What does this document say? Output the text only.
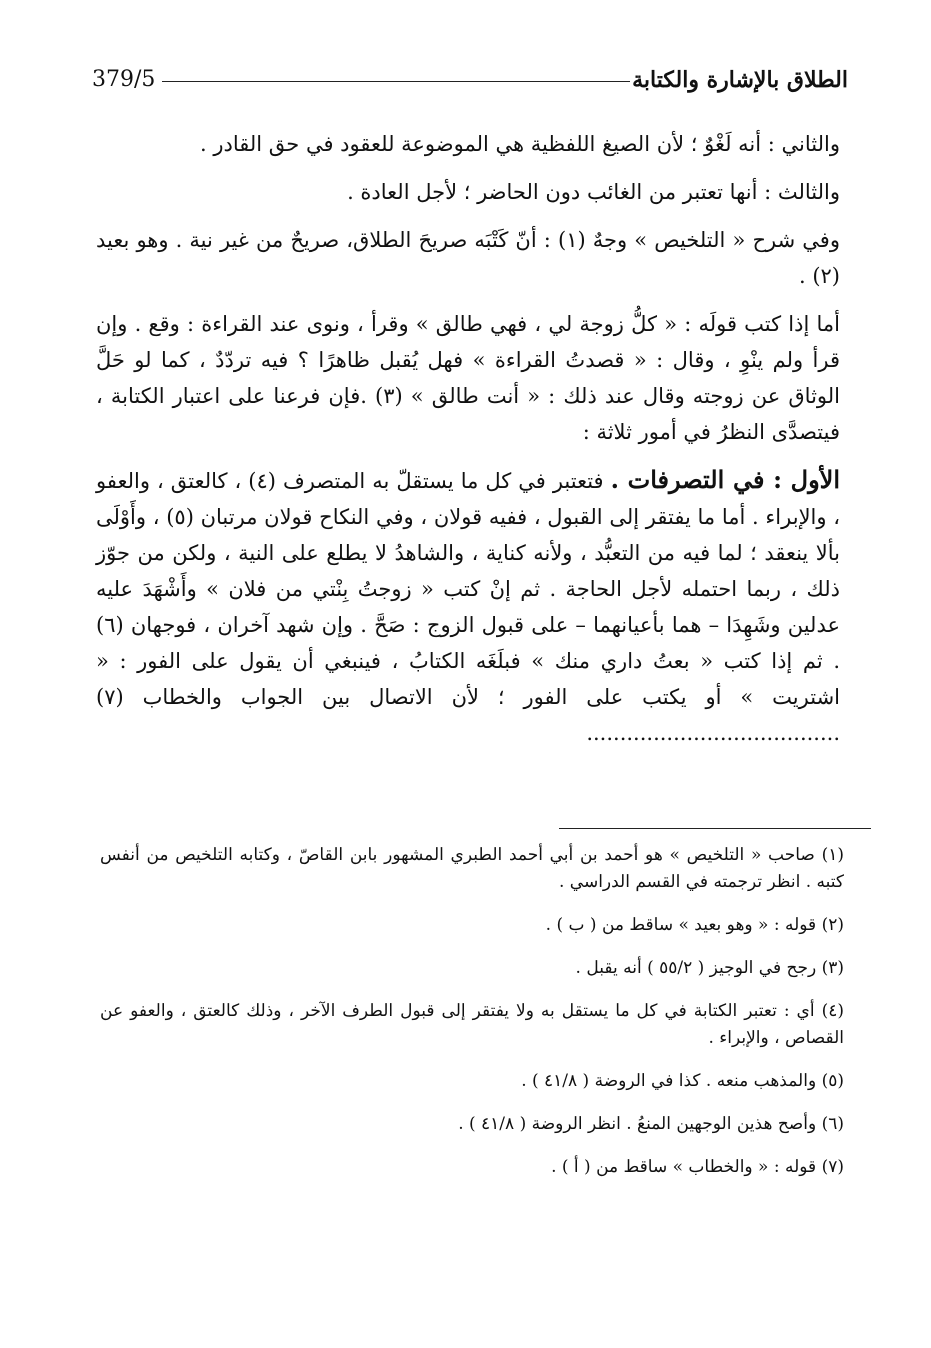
379/5	الطلاق بالإشارة والكتابة

والثاني : أنه لَغْوٌ ؛ لأن الصيغ اللفظية هي الموضوعة للعقود في حق القادر .

والثالث : أنها تعتبر من الغائب دون الحاضر ؛ لأجل العادة .

وفي شرح « التلخيص » وجهٌ (١) : أنّ كَتْبَه صريحَ الطلاق، صريحٌ من غير نية . وهو بعيد (٢) .

أما إذا كتب قولَه : « كلُّ زوجة لي ، فهي طالق » وقرأ ، ونوى عند القراءة : وقع . وإن قرأ ولم ينْوِ ، وقال : « قصدتُ القراءة » فهل يُقبل ظاهرًا ؟ فيه تردّدٌ ، كما لو حَلَّ الوثاق عن زوجته وقال عند ذلك : « أنت طالق » (٣) .فإن فرعنا على اعتبار الكتابة ، فيتصدَّى النظرُ في أمور ثلاثة :

الأول : في التصرفات . فتعتبر في كل ما يستقلّ به المتصرف (٤) ، كالعتق ، والعفو ، والإبراء . أما ما يفتقر إلى القبول ، ففيه قولان ، وفي النكاح قولان مرتبان (٥) ، وأَوْلَى بألا ينعقد ؛ لما فيه من التعبُّد ، ولأنه كناية ، والشاهدُ لا يطلع على النية ، ولكن من جوّز ذلك ، ربما احتمله لأجل الحاجة . ثم إنْ كتب « زوجتُ بِنْتي من فلان » وأَشْهَدَ عليه عدلين وشَهِدَا – هما بأعيانهما – على قبول الزوج : صَحَّ . وإن شهد آخران ، فوجهان (٦) . ثم إذا كتب « بعتُ داري منك » فبلَغَه الكتابُ ، فينبغي أن يقول على الفور : « اشتريت » أو يكتب على الفور ؛ لأن الاتصال بين الجواب والخطاب (٧) ......................................

(١) صاحب « التلخيص » هو أحمد بن أبي أحمد الطبري المشهور بابن القاصّ ، وكتابه التلخيص من أنفس كتبه . انظر ترجمته في القسم الدراسي .

(٢) قوله : « وهو بعيد » ساقط من ( ب ) .

(٣) رجح في الوجيز ( ٥٥/٢ ) أنه يقبل .

(٤) أي : تعتبر الكتابة في كل ما يستقل به ولا يفتقر إلى قبول الطرف الآخر ، وذلك كالعتق ، والعفو عن القصاص ، والإبراء .

(٥) والمذهب منعه . كذا في الروضة ( ٤١/٨ ) .

(٦) وأصح هذين الوجهين المنعُ . انظر الروضة ( ٤١/٨ ) .

(٧) قوله : « والخطاب » ساقط من ( أ ) .
